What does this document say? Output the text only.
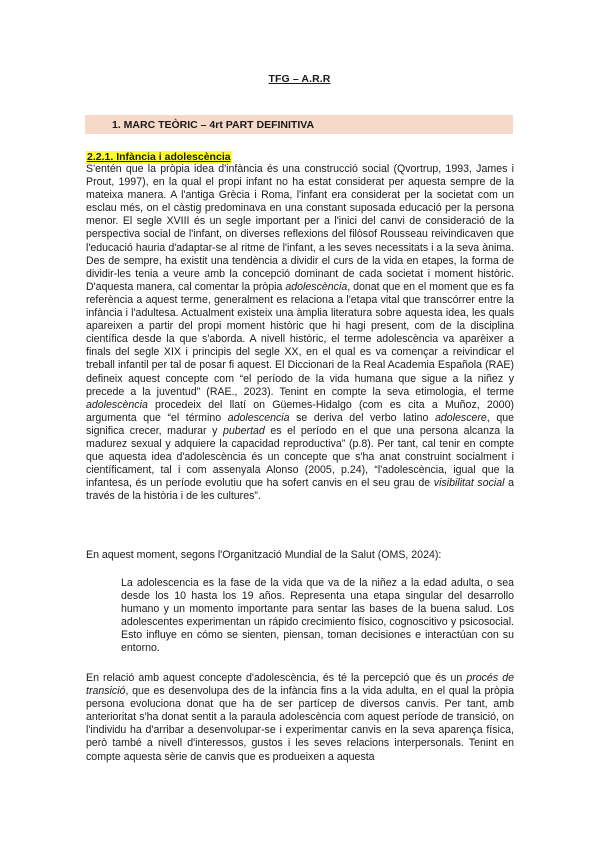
TFG – A.R.R
1. MARC TEÒRIC – 4rt PART DEFINITIVA
2.2.1. Infància i adolescència
S'entén que la pròpia idea d'infància és una construcció social (Qvortrup, 1993, James i Prout, 1997), en la qual el propi infant no ha estat considerat per aquesta sempre de la mateixa manera. A l'antiga Grècia i Roma, l'infant era considerat per la societat com un esclau més, on el càstig predominava en una constant suposada educació per la persona menor. El segle XVIII és un segle important per a l'inici del canvi de consideració de la perspectiva social de l'infant, on diverses reflexions del filòsof Rousseau reivindicaven que l'educació hauria d'adaptar-se al ritme de l'infant, a les seves necessitats i a la seva ànima. Des de sempre, ha existit una tendència a dividir el curs de la vida en etapes, la forma de dividir-les tenia a veure amb la concepció dominant de cada societat i moment històric. D'aquesta manera, cal comentar la pròpia adolescència, donat que en el moment que es fa referència a aquest terme, generalment es relaciona a l'etapa vital que transcórrer entre la infància i l'adultesa. Actualment existeix una àmplia literatura sobre aquesta idea, les quals apareixen a partir del propi moment històric que hi hagi present, com de la disciplina científica desde la que s'aborda. A nivell històric, el terme adolescència va aparèixer a finals del segle XIX i principis del segle XX, en el qual es va començar a reivindicar el treball infantil per tal de posar fi aquest. El Diccionari de la Real Academia Española (RAE) defineix aquest concepte com “el período de la vida humana que sigue a la niñez y precede a la juventud” (RAE., 2023). Tenint en compte la seva etimologia, el terme adolescència procedeix del llatí on Güemes-Hidalgo (com es cita a Muñoz, 2000) argumenta que “el término adolescencia se deriva del verbo latino adolescere, que significa crecer, madurar y pubertad es el período en el que una persona alcanza la madurez sexual y adquiere la capacidad reproductiva” (p.8). Per tant, cal tenir en compte que aquesta idea d'adolescència és un concepte que s'ha anat construint socialment i científicament, tal i com assenyala Alonso (2005, p.24), “l'adolescència, igual que la infantesa, és un període evolutiu que ha sofert canvis en el seu grau de visibilitat social a través de la història i de les cultures”.
En aquest moment, segons l'Organització Mundial de la Salut (OMS, 2024):
La adolescencia es la fase de la vida que va de la niñez a la edad adulta, o sea desde los 10 hasta los 19 años. Representa una etapa singular del desarrollo humano y un momento importante para sentar las bases de la buena salud. Los adolescentes experimentan un rápido crecimiento físico, cognoscitivo y psicosocial. Esto influye en cómo se sienten, piensan, toman decisiones e interactúan con su entorno.
En relació amb aquest concepte d'adolescència, és té la percepció que és un procés de transició, que es desenvolupa des de la infància fins a la vida adulta, en el qual la pròpia persona evoluciona donat que ha de ser partícep de diversos canvis. Per tant, amb anterioritat s'ha donat sentit a la paraula adolescència com aquest període de transició, on l'individu ha d'arribar a desenvolupar-se i experimentar canvis en la seva aparença física, però també a nivell d'interessos, gustos i les seves relacions interpersonals. Tenint en compte aquesta sèrie de canvis que es produeixen a aquesta
